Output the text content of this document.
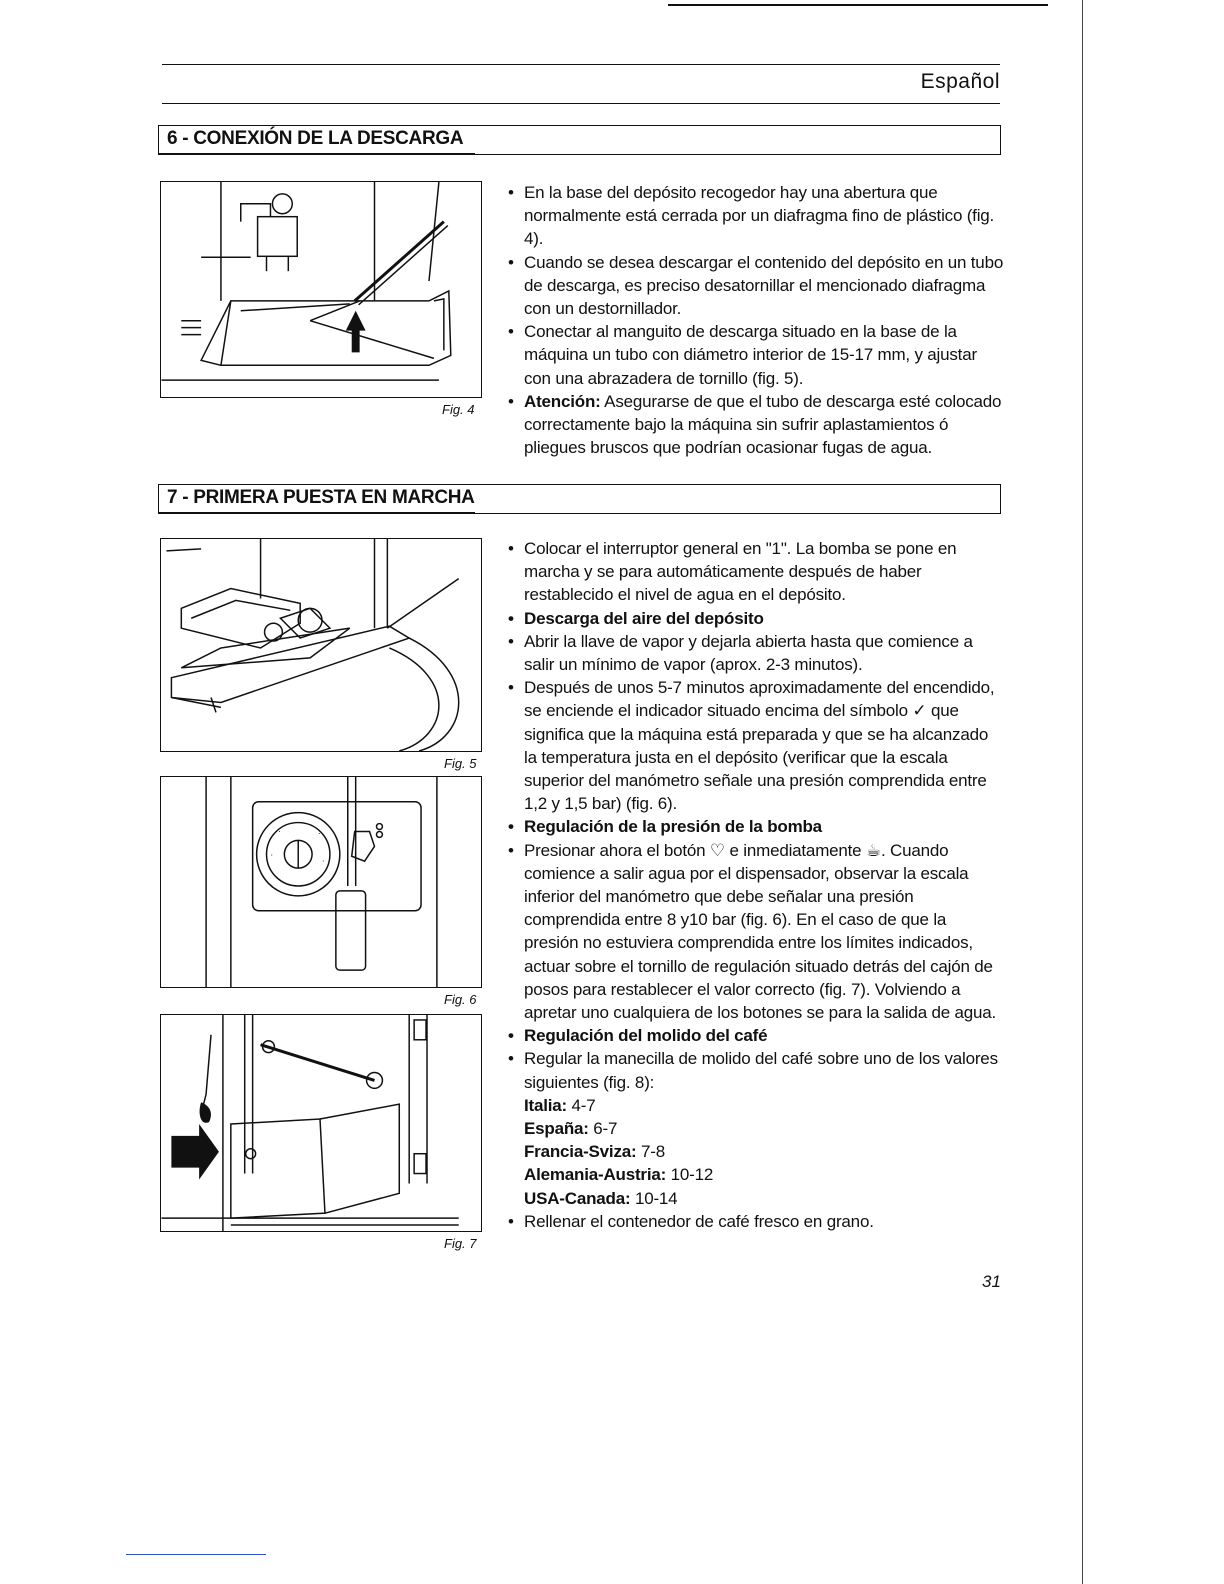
Español
6 - CONEXIÓN DE LA DESCARGA
Fig. 4
• En la base del depósito recogedor hay una abertura que normalmente está cerrada por un diafragma fino de plástico (fig. 4).
• Cuando se desea descargar el contenido del depósito en un tubo de descarga, es preciso desatornillar el mencionado diafragma con un destornillador.
• Conectar al manguito de descarga situado en la base de la máquina un tubo con diámetro interior de 15-17 mm, y ajustar con una abrazadera de tornillo (fig. 5).
• Atención: Asegurarse de que el tubo de descarga esté colocado correctamente bajo la máquina sin sufrir aplastamientos ó pliegues bruscos que podrían ocasionar fugas de agua.
7 - PRIMERA PUESTA EN MARCHA
Fig. 5
·	·
·
·
Fig. 6
Fig. 7
• Colocar el interruptor general en "1". La bomba se pone en marcha y se para automáticamente después de haber restablecido el nivel de agua en el depósito.
• Descarga del aire del depósito
• Abrir la llave de vapor y dejarla abierta hasta que comience a salir un mínimo de vapor (aprox. 2-3 minutos).
• Después de unos 5-7 minutos aproximadamente del encendido, se enciende el indicador situado encima del símbolo ✓ que significa que la máquina está preparada y que se ha alcanzado la temperatura justa en el depósito (verificar que la escala superior del manómetro señale una presión comprendida entre 1,2 y 1,5 bar) (fig. 6).
• Regulación de la presión de la bomba
• Presionar ahora el botón ♡ e inmediatamente ☕. Cuando comience a salir agua por el dispensador, observar la escala inferior del manómetro que debe señalar una presión comprendida entre 8 y10 bar (fig. 6). En el caso de que la presión no estuviera comprendida entre los límites indicados, actuar sobre el tornillo de regulación situado detrás del cajón de posos para restablecer el valor correcto (fig. 7). Volviendo a apretar uno cualquiera de los botones se para la salida de agua.
• Regulación del molido del café
• Regular la manecilla de molido del café sobre uno de los valores siguientes (fig. 8):
Italia: 4-7
España: 6-7
Francia-Sviza: 7-8
Alemania-Austria: 10-12
USA-Canada: 10-14
• Rellenar el contenedor de café fresco en grano.
31
